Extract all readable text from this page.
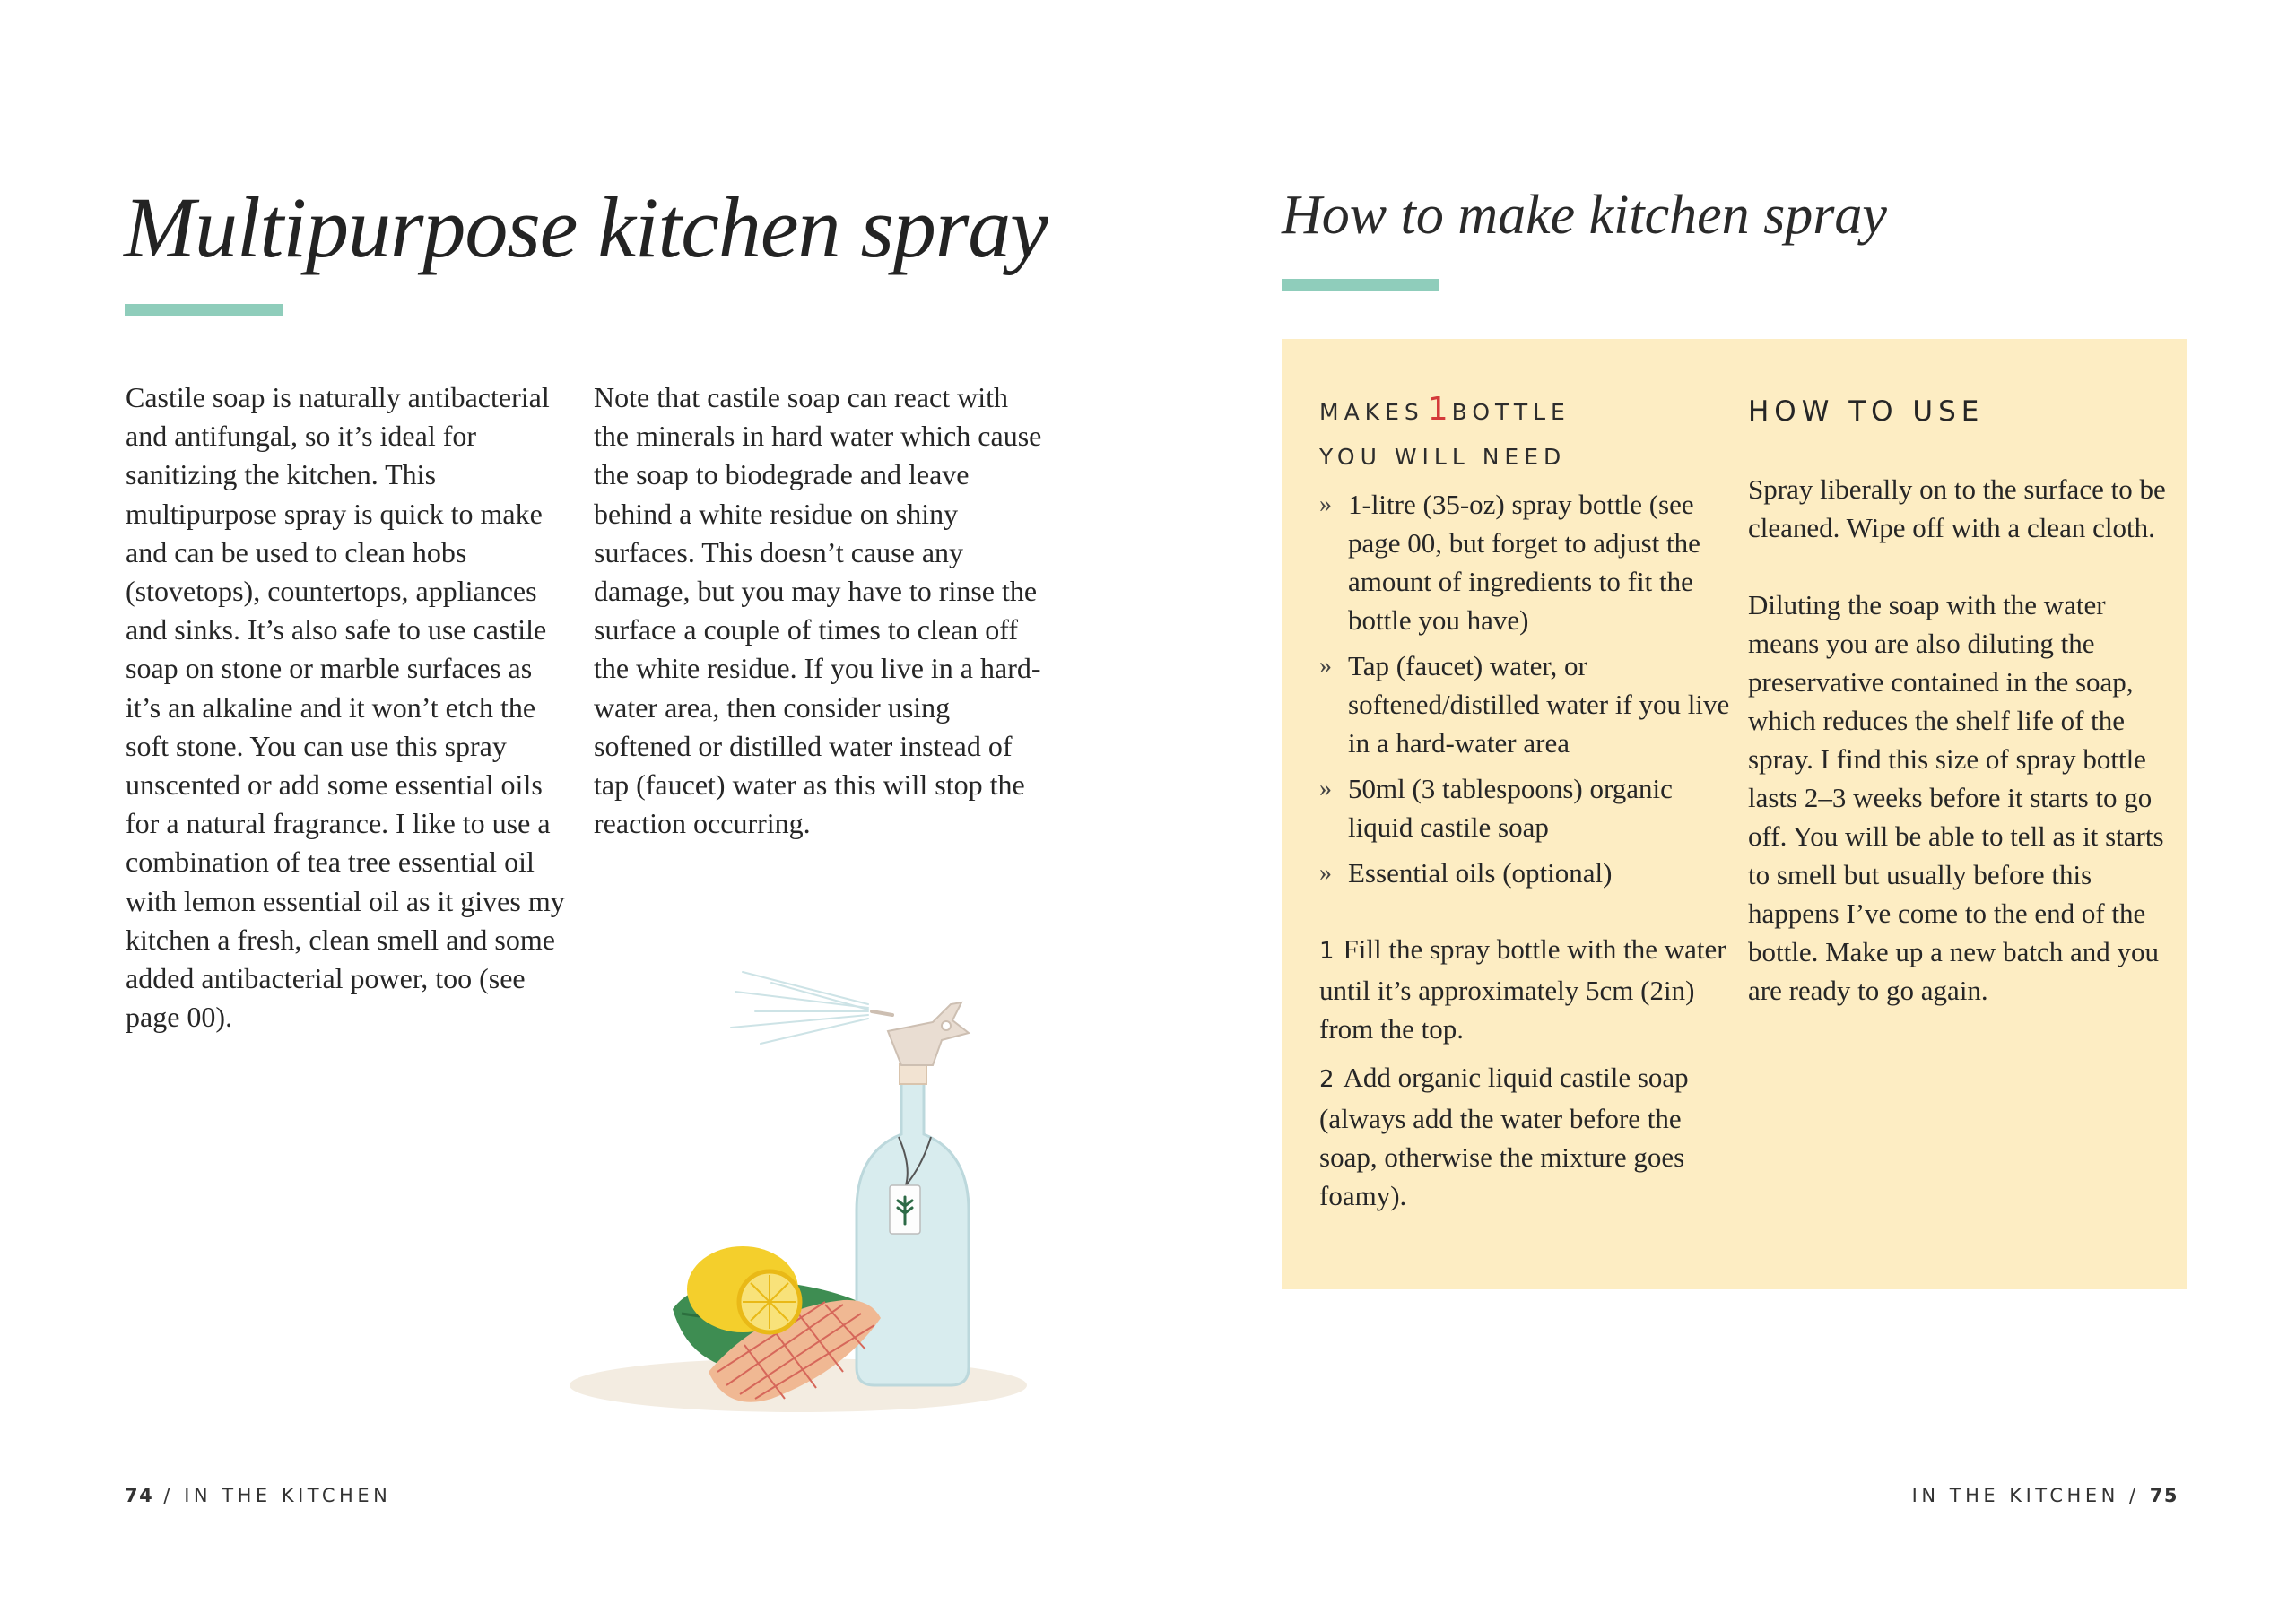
Multipurpose kitchen spray

Castile soap is naturally antibacterial and antifungal, so it’s ideal for sanitizing the kitchen. This multipurpose spray is quick to make and can be used to clean hobs (stovetops), countertops, appliances and sinks. It’s also safe to use castile soap on stone or marble surfaces as it’s an alkaline and it won’t etch the soft stone. You can use this spray unscented or add some essential oils for a natural fragrance. I like to use a combination of tea tree essential oil with lemon essential oil as it gives my kitchen a fresh, clean smell and some added antibacterial power, too (see page 00).

Note that castile soap can react with the minerals in hard water which cause the soap to biodegrade and leave behind a white residue on shiny surfaces. This doesn’t cause any damage, but you may have to rinse the surface a couple of times to clean off the white residue. If you live in a hard-water area, then consider using softened or distilled water instead of tap (faucet) water as this will stop the reaction occurring.

74 / IN THE KITCHEN

How to make kitchen spray

MAKES 1 BOTTLE

YOU WILL NEED

» 1-litre (35-oz) spray bottle (see page 00, but forget to adjust the amount of ingredients to fit the bottle you have)
» Tap (faucet) water, or softened/distilled water if you live in a hard-water area
» 50ml (3 tablespoons) organic liquid castile soap
» Essential oils (optional)
1 Fill the spray bottle with the water until it’s approximately 5cm (2in) from the top.
2 Add organic liquid castile soap (always add the water before the soap, otherwise the mixture goes foamy).

HOW TO USE

Spray liberally on to the surface to be cleaned. Wipe off with a clean cloth.

Diluting the soap with the water means you are also diluting the preservative contained in the soap, which reduces the shelf life of the spray. I find this size of spray bottle lasts 2–3 weeks before it starts to go off. You will be able to tell as it starts to smell but usually before this happens I’ve come to the end of the bottle. Make up a new batch and you are ready to go again.

IN THE KITCHEN / 75
